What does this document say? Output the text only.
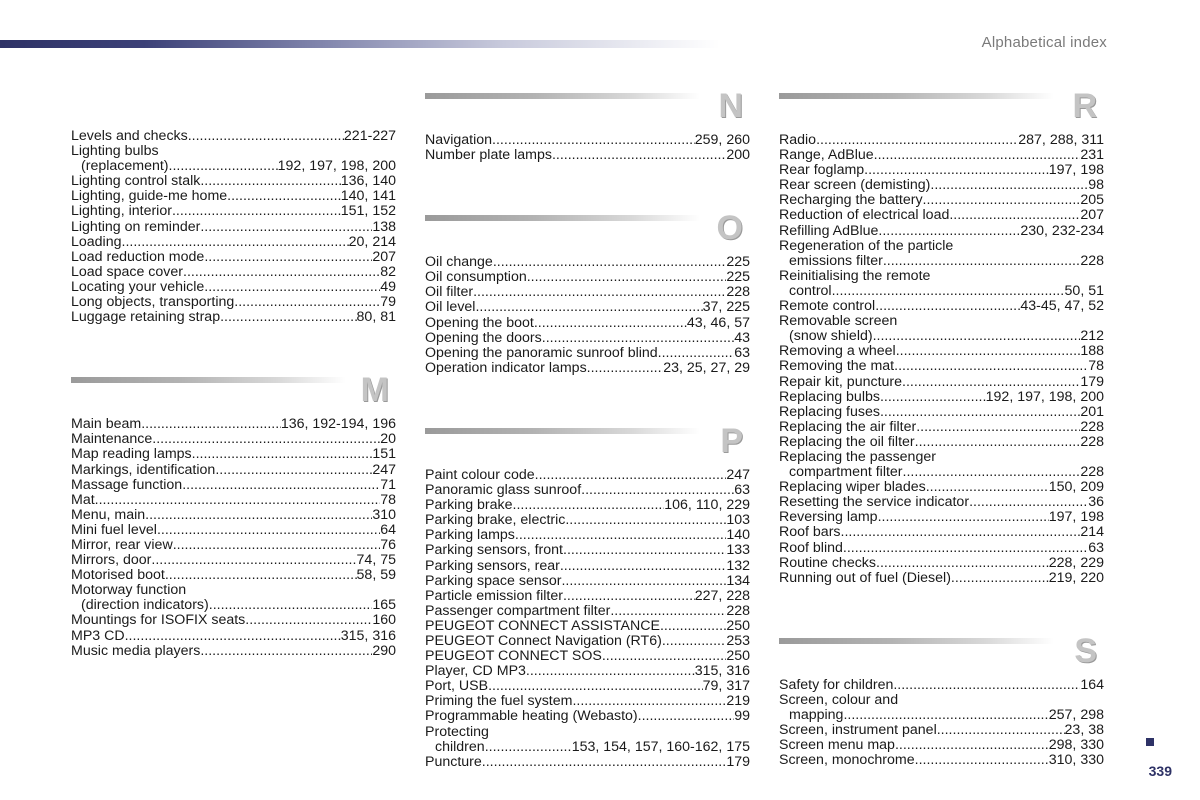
Alphabetical index
Levels and checks .....	221-227
Lighting bulbs
(replacement) .....	192, 197, 198, 200
Lighting control stalk .....	136, 140
Lighting, guide-me home .....	140, 141
Lighting, interior .....	151, 152
Lighting on reminder .....	138
Loading .....	20, 214
Load reduction mode .....	207
Load space cover .....	82
Locating your vehicle .....	49
Long objects, transporting .....	79
Luggage retaining strap .....	80, 81
M
Main beam .....	136, 192-194, 196
Maintenance .....	20
Map reading lamps .....	151
Markings, identification .....	247
Massage function .....	71
Mat .....	78
Menu, main .....	310
Mini fuel level .....	64
Mirror, rear view .....	76
Mirrors, door .....	74, 75
Motorised boot .....	58, 59
Motorway function
(direction indicators) .....	165
Mountings for ISOFIX seats .....	160
MP3 CD .....	315, 316
Music media players .....	290
N
Navigation .....	259, 260
Number plate lamps .....	200
O
Oil change .....	225
Oil consumption .....	225
Oil filter .....	228
Oil level .....	37, 225
Opening the boot .....	43, 46, 57
Opening the doors .....	43
Opening the panoramic sunroof blind .....	63
Operation indicator lamps .....	23, 25, 27, 29
P
Paint colour code .....	247
Panoramic glass sunroof .....	63
Parking brake .....	106, 110, 229
Parking brake, electric .....	103
Parking lamps .....	140
Parking sensors, front .....	133
Parking sensors, rear .....	132
Parking space sensor .....	134
Particle emission filter .....	227, 228
Passenger compartment filter .....	228
PEUGEOT CONNECT ASSISTANCE .....	250
PEUGEOT Connect Navigation (RT6) .....	253
PEUGEOT CONNECT SOS .....	250
Player, CD MP3 .....	315, 316
Port, USB .....	79, 317
Priming the fuel system .....	219
Programmable heating (Webasto) .....	99
Protecting
children .....	153, 154, 157, 160-162, 175
Puncture .....	179
R
Radio .....	287, 288, 311
Range, AdBlue .....	231
Rear foglamp .....	197, 198
Rear screen (demisting) .....	98
Recharging the battery .....	205
Reduction of electrical load .....	207
Refilling AdBlue .....	230, 232-234
Regeneration of the particle
emissions filter .....	228
Reinitialising the remote
control .....	50, 51
Remote control .....	43-45, 47, 52
Removable screen
(snow shield) .....	212
Removing a wheel .....	188
Removing the mat .....	78
Repair kit, puncture .....	179
Replacing bulbs .....	192, 197, 198, 200
Replacing fuses .....	201
Replacing the air filter .....	228
Replacing the oil filter .....	228
Replacing the passenger
compartment filter .....	228
Replacing wiper blades .....	150, 209
Resetting the service indicator .....	36
Reversing lamp .....	197, 198
Roof bars .....	214
Roof blind .....	63
Routine checks .....	228, 229
Running out of fuel (Diesel) .....	219, 220
S
Safety for children .....	164
Screen, colour and
mapping .....	257, 298
Screen, instrument panel .....	23, 38
Screen menu map .....	298, 330
Screen, monochrome .....	310, 330
339
